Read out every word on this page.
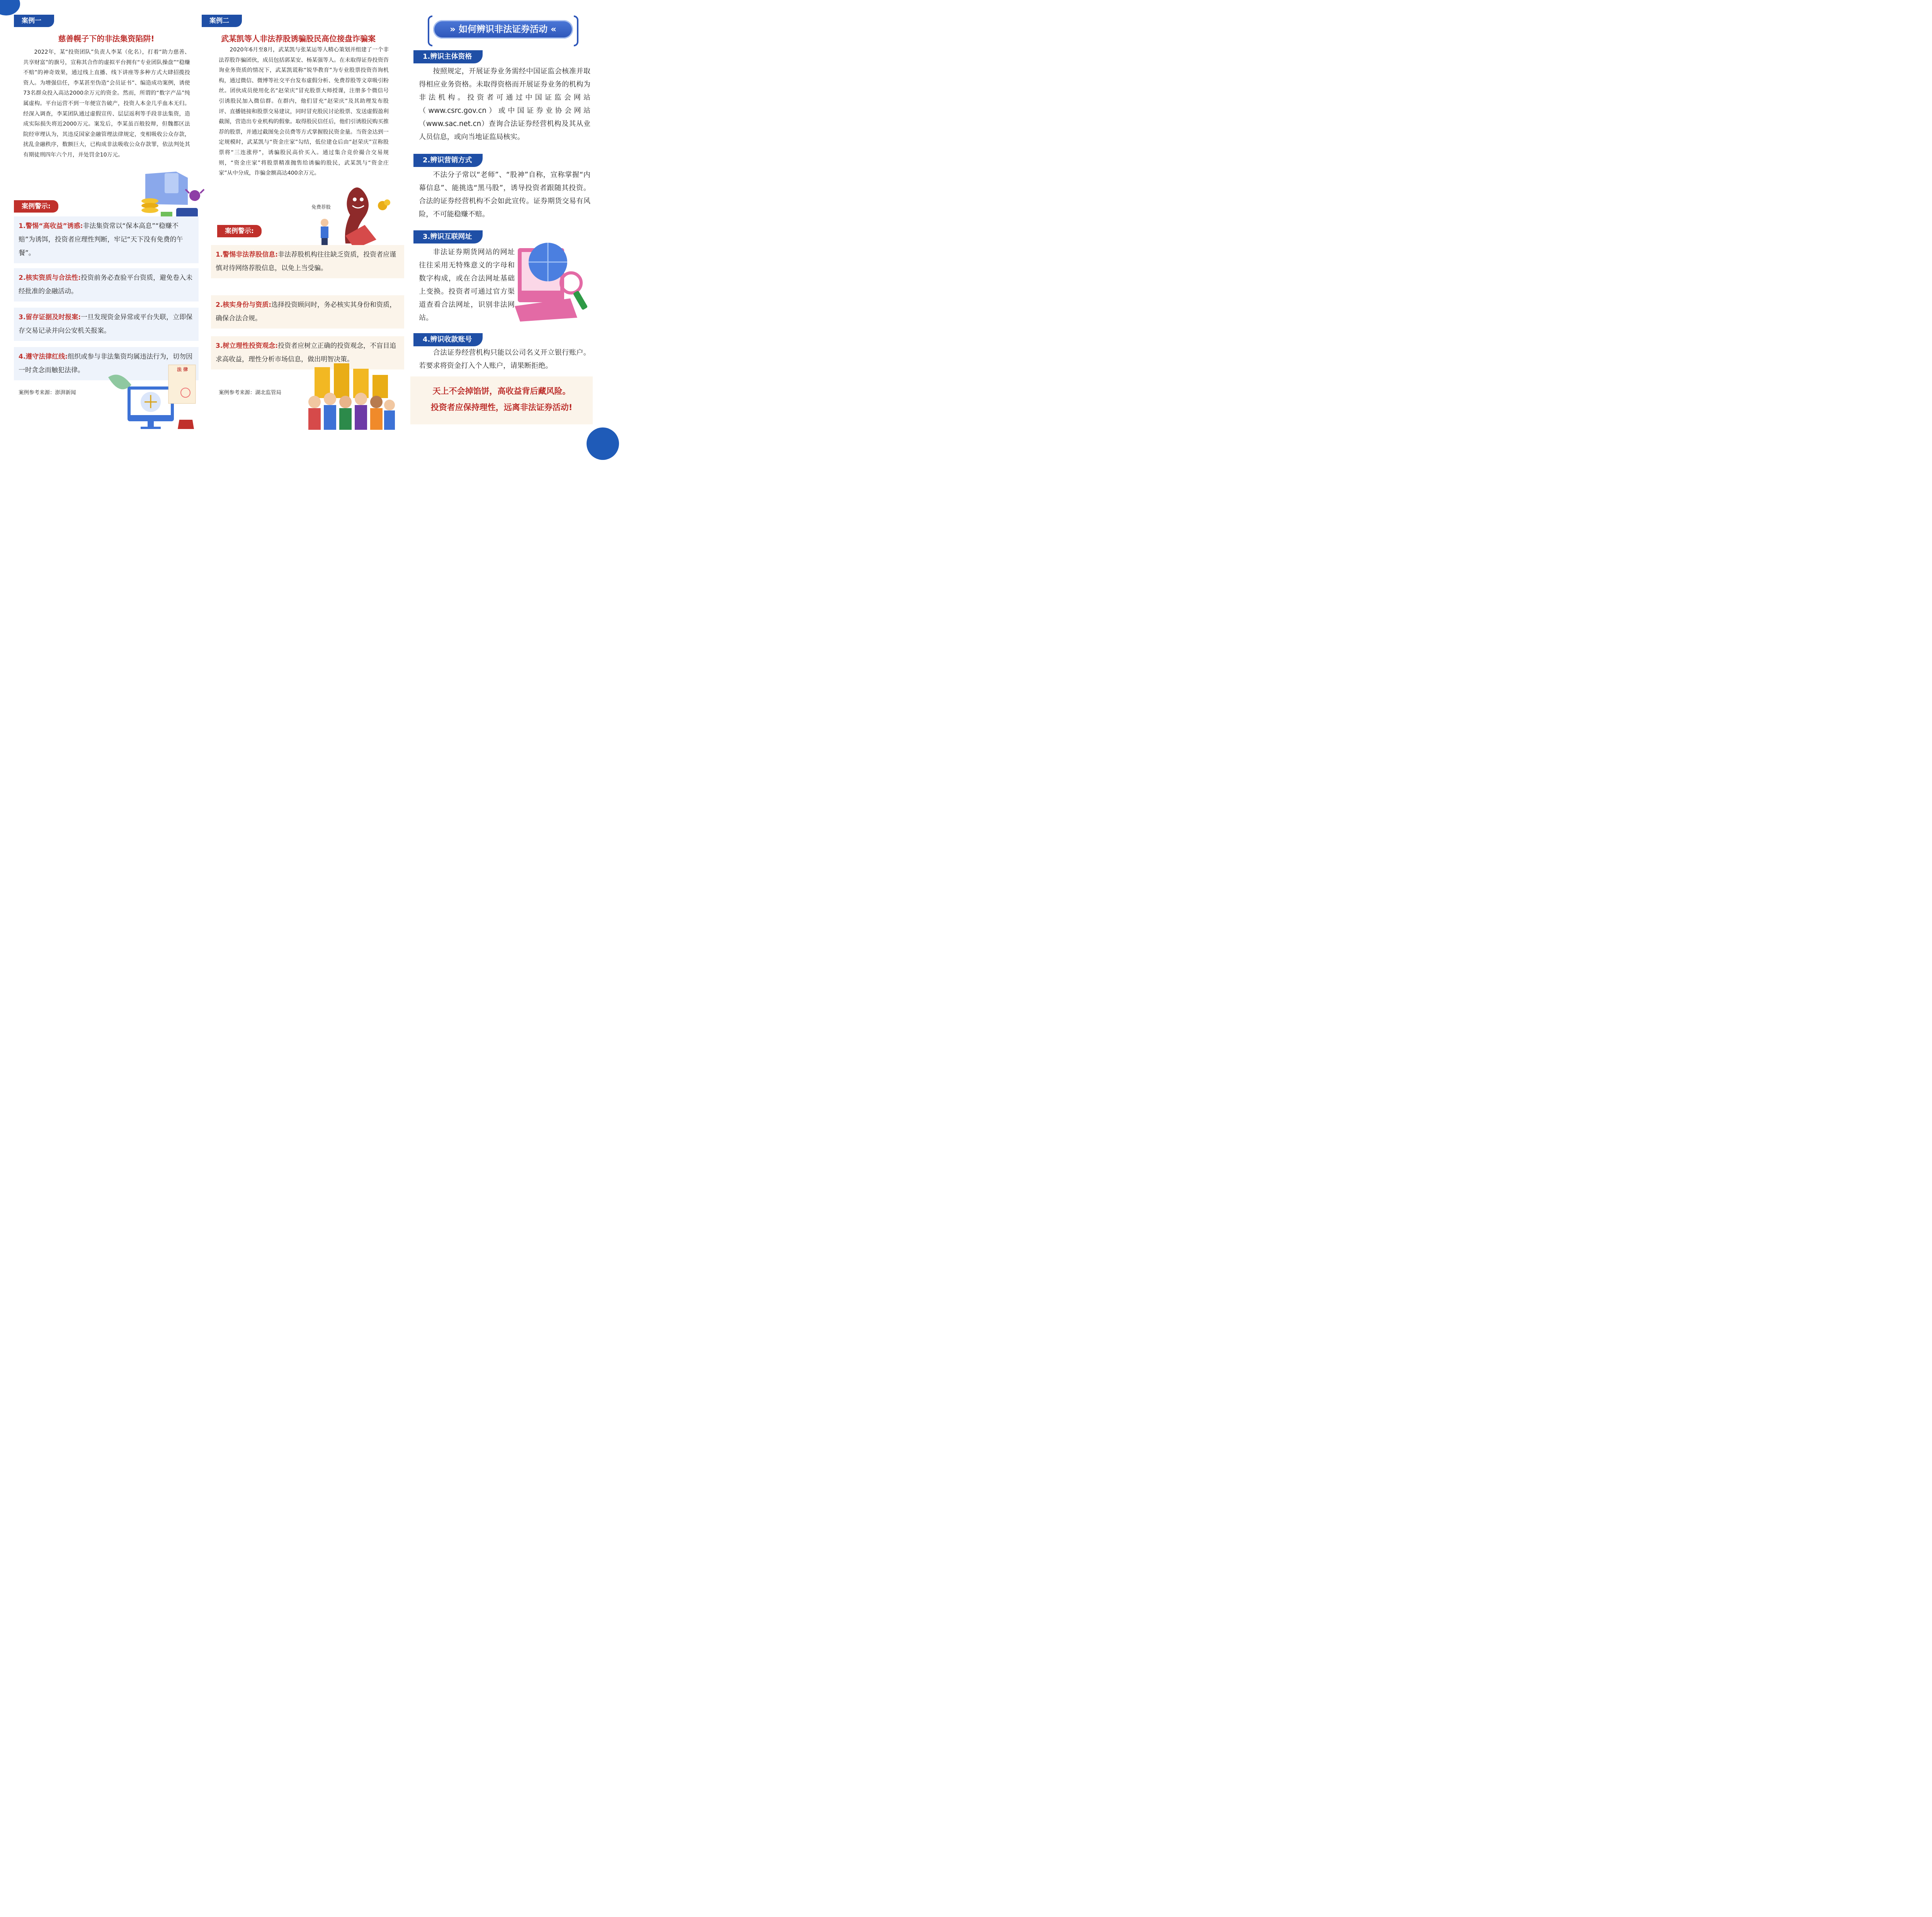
案例一
慈善幌子下的非法集资陷阱!

2022年，某“投资团队”负责人李某（化名），打着“助力慈善、共享财富”的旗号，宣称其合作的虚拟平台拥有“专业团队操盘”“稳赚不赔”的神奇效果，通过线上直播、线下讲座等多种方式大肆招揽投资人。为增强信任，李某甚至伪造“会员证书”、编造成功案例，诱使73名群众投入高达2000余万元的资金。然而，所谓的“数字产品”纯属虚构。平台运营不到一年便宣告破产，投资人本金几乎血本无归。经深入调查，李某团队通过虚假宣传、层层返利等手段非法集资，造成实际损失将近2000万元。案发后，李某虽百般狡辩，但魏都区法院经审理认为，其违反国家金融管理法律规定，变相吸收公众存款，扰乱金融秩序，数额巨大，已构成非法吸收公众存款罪，依法判处其有期徒刑四年六个月，并处罚金10万元。

案例警示:
1.警惕“高收益”诱惑:非法集资常以“保本高息”“稳赚不赔”为诱饵，投资者应理性判断，牢记“天下没有免费的午餐”。
2.核实资质与合法性:投资前务必查验平台资质，避免卷入未经批准的金融活动。
3.留存证据及时报案:一旦发现资金异常或平台失联，立即保存交易记录并向公安机关报案。
4.遵守法律红线:组织或参与非法集资均属违法行为，切勿因一时贪念而触犯法律。
案例参考来源：澎湃新闻
法 律
案例二
武某凯等人非法荐股诱骗股民高位接盘诈骗案

2020年6月至8月，武某凯与张某运等人精心策划并组建了一个非法荐股诈骗团伙，成员包括郭某安、杨某强等人。在未取得证券投资咨询业务资质的情况下，武某凯谎称“锐华教育”为专业股票投资咨询机构，通过微信、微博等社交平台发布虚假分析、免费荐股等文章吸引粉丝。团伙成员使用化名“赵荣庆”冒充股票大师授课，注册多个微信号引诱股民加入微信群。在群内，他们冒充“赵荣庆”及其助理发布股评、直播链接和股票交易建议，同时冒充股民讨论股票、发送虚假盈利截图，营造出专业机构的假象。取得股民信任后，他们引诱股民购买推荐的股票，并通过截图免会员费等方式掌握股民资金量。当资金达到一定规模时，武某凯与“资金庄家”勾结，低位建仓后由“赵荣庆”宣称股票将“三连涨停”，诱骗股民高价买入。通过集合竞价撮合交易规则，“资金庄家”将股票精准抛售给诱骗的股民，武某凯与“资金庄家”从中分成，诈骗金额高达400余万元。

免费荐股
案例警示:
1.警惕非法荐股信息:非法荐股机构往往缺乏资质，投资者应谨慎对待网络荐股信息，以免上当受骗。
2.核实身份与资质:选择投资顾问时，务必核实其身份和资质，确保合法合规。
3.树立理性投资观念:投资者应树立正确的投资观念，不盲目追求高收益，理性分析市场信息，做出明智决策。
案例参考来源：湖北监管局
» 如何辨识非法证券活动 «
1.辨识主体资格

按照规定，开展证券业务需经中国证监会核准并取得相应业务资格。未取得资格而开展证券业务的机构为非法机构。投资者可通过中国证监会网站（www.csrc.gov.cn）或中国证券业协会网站（www.sac.net.cn）查询合法证券经营机构及其从业人员信息，或向当地证监局核实。

2.辨识营销方式

不法分子常以“老师”、“股神”自称，宣称掌握“内幕信息”、能挑选“黑马股”，诱导投资者跟随其投资。合法的证券经营机构不会如此宣传。证券期货交易有风险，不可能稳赚不赔。

3.辨识互联网址

非法证券期货网站的网址往往采用无特殊意义的字母和数字构成，或在合法网址基础上变换。投资者可通过官方渠道查看合法网址，识别非法网站。

4.辨识收款账号

合法证券经营机构只能以公司名义开立银行账户。若要求将资金打入个人账户，请果断拒绝。

天上不会掉馅饼，高收益背后藏风险。
投资者应保持理性，远离非法证券活动!
